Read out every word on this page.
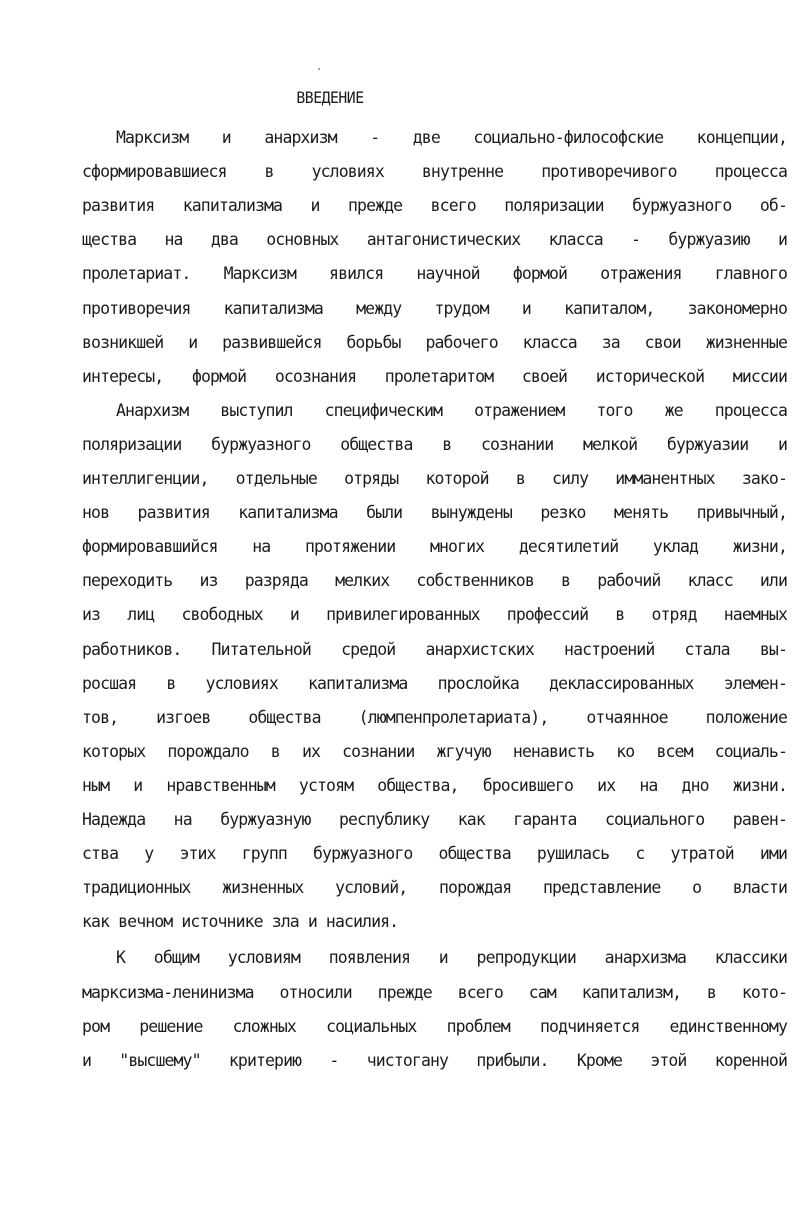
ВВЕДЕНИЕ
Марксизм и анархизм - две социально-философские концепции,
сформировавшиеся в условиях внутренне противоречивого процесса
развития капитализма и прежде всего поляризации буржуазного об-
щества на два основных антагонистических класса - буржуазию и
пролетариат. Марксизм явился научной формой отражения главного
противоречия капитализма между трудом и капиталом, закономерно
возникшей и развившейся борьбы рабочего класса за свои жизненные
интересы, формой осознания пролетаритом своей исторической миссии
Анархизм выступил специфическим отражением того же процесса
поляризации буржуазного общества в сознании мелкой буржуазии и
интеллигенции, отдельные отряды которой в силу имманентных зако-
нов развития капитализма были вынуждены резко менять привычный,
формировавшийся на протяжении многих десятилетий уклад жизни,
переходить из разряда мелких собственников в рабочий класс или
из лиц свободных и привилегированных профессий в отряд наемных
работников. Питательной средой анархистских настроений стала вы-
росшая в условиях капитализма прослойка деклассированных элемен-
тов, изгоев общества (люмпенпролетариата), отчаянное положение
которых порождало в их сознании жгучую ненависть ко всем социаль-
ным и нравственным устоям общества, бросившего их на дно жизни.
Надежда на буржуазную республику как гаранта социального равен-
ства у этих групп буржуазного общества рушилась с утратой ими
традиционных жизненных условий, порождая представление о власти
как вечном источнике зла и насилия.
К общим условиям появления и репродукции анархизма классики
марксизма-ленинизма относили прежде всего сам капитализм, в кото-
ром решение сложных социальных проблем подчиняется единственному
и "высшему" критерию - чистогану прибыли. Кроме этой коренной
